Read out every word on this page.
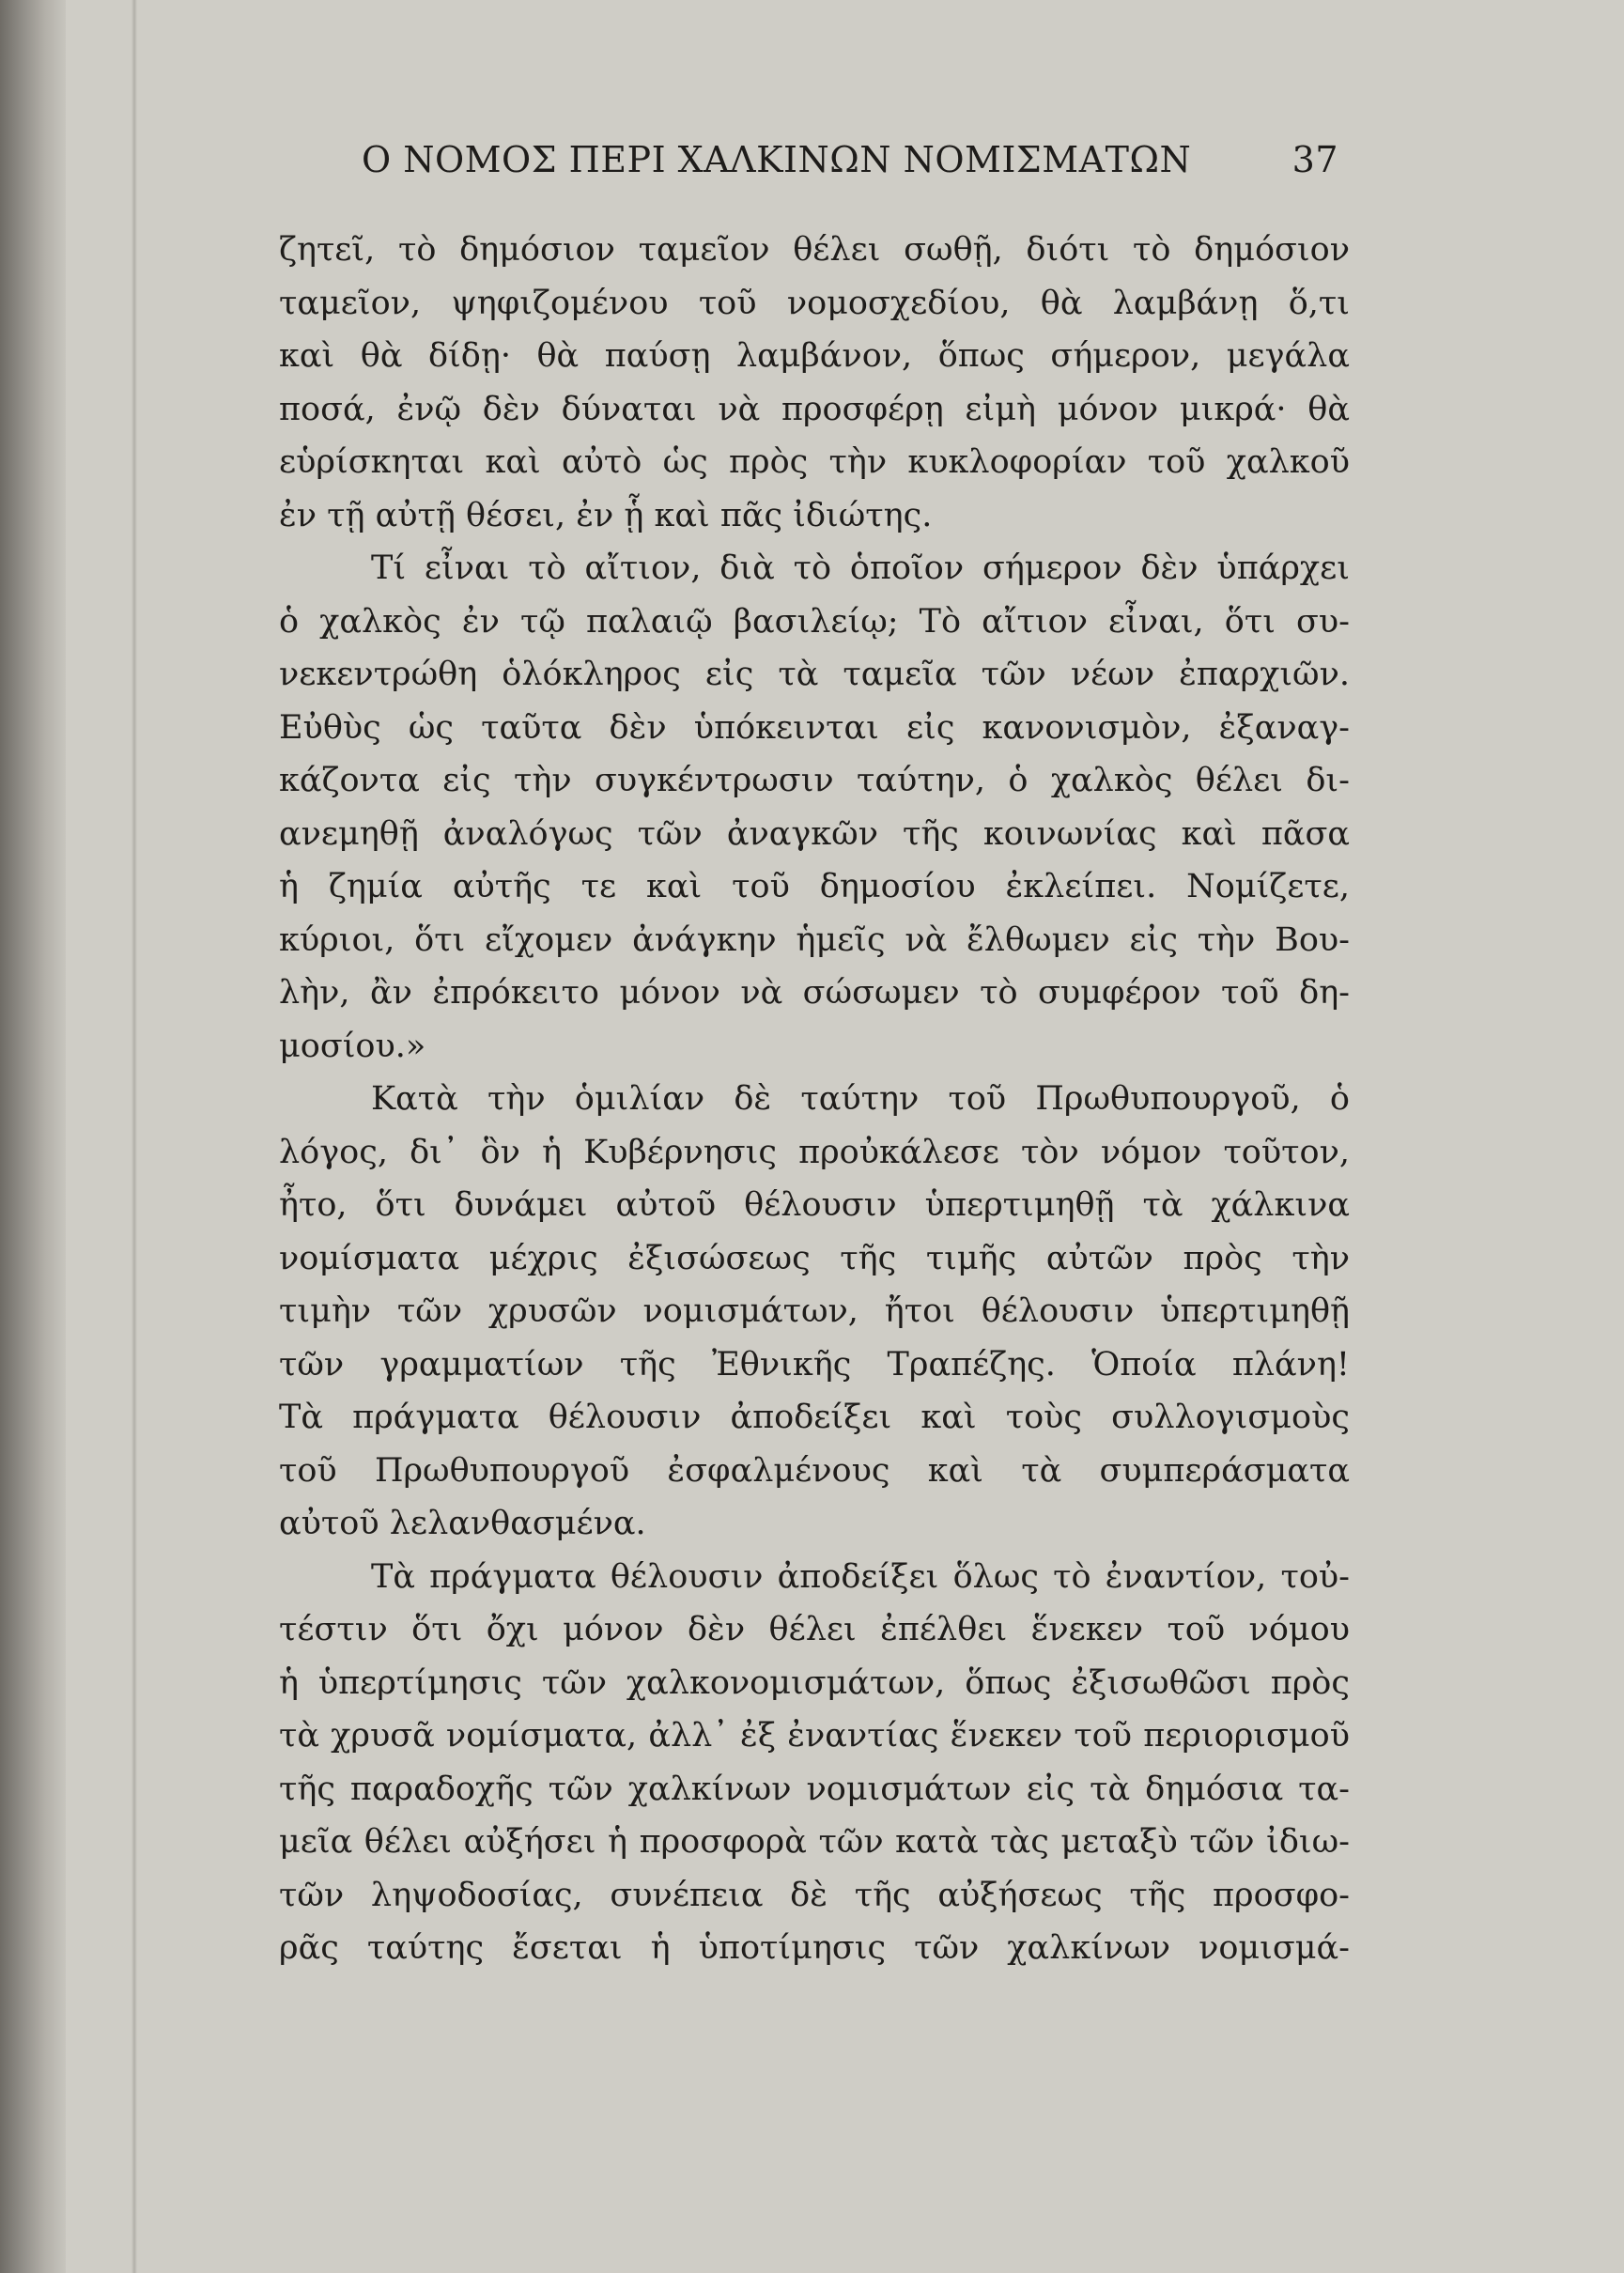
Ο ΝΟΜΟΣ ΠΕΡΙ ΧΑΛΚΙΝΩΝ ΝΟΜΙΣΜΑΤΩΝ	37
ζητεῖ, τὸ δημόσιον ταμεῖον θέλει σωθῇ, διότι τὸ δημόσιον
ταμεῖον, ψηφιζομένου τοῦ νομοσχεδίου, θὰ λαμβάνῃ ὅ,τι
καὶ θὰ δίδῃ· θὰ παύσῃ λαμβάνον, ὅπως σήμερον, μεγάλα
ποσά, ἐνῷ δὲν δύναται νὰ προσφέρῃ εἰμὴ μόνον μικρά· θὰ
εὑρίσκηται καὶ αὐτὸ ὡς πρὸς τὴν κυκλοφορίαν τοῦ χαλκοῦ
ἐν τῇ αὐτῇ θέσει, ἐν ᾗ καὶ πᾶς ἰδιώτης.
Τί εἶναι τὸ αἴτιον, διὰ τὸ ὁποῖον σήμερον δὲν ὑπάρχει
ὁ χαλκὸς ἐν τῷ παλαιῷ βασιλείῳ; Τὸ αἴτιον εἶναι, ὅτι συ-
νεκεντρώθη ὁλόκληρος εἰς τὰ ταμεῖα τῶν νέων ἐπαρχιῶν.
Εὐθὺς ὡς ταῦτα δὲν ὑπόκεινται εἰς κανονισμὸν, ἐξαναγ-
κάζοντα εἰς τὴν συγκέντρωσιν ταύτην, ὁ χαλκὸς θέλει δι-
ανεμηθῇ ἀναλόγως τῶν ἀναγκῶν τῆς κοινωνίας καὶ πᾶσα
ἡ ζημία αὐτῆς τε καὶ τοῦ δημοσίου ἐκλείπει. Νομίζετε,
κύριοι, ὅτι εἴχομεν ἀνάγκην ἡμεῖς νὰ ἔλθωμεν εἰς τὴν Βου-
λὴν, ἂν ἐπρόκειτο μόνον νὰ σώσωμεν τὸ συμφέρον τοῦ δη-
μοσίου.»
Κατὰ τὴν ὁμιλίαν δὲ ταύτην τοῦ Πρωθυπουργοῦ, ὁ
λόγος, δι᾽ ὃν ἡ Κυβέρνησις προὐκάλεσε τὸν νόμον τοῦτον,
ἦτο, ὅτι δυνάμει αὐτοῦ θέλουσιν ὑπερτιμηθῇ τὰ χάλκινα
νομίσματα μέχρις ἐξισώσεως τῆς τιμῆς αὐτῶν πρὸς τὴν
τιμὴν τῶν χρυσῶν νομισμάτων, ἤτοι θέλουσιν ὑπερτιμηθῇ
τῶν γραμματίων τῆς Ἐθνικῆς Τραπέζης. Ὁποία πλάνη!
Τὰ πράγματα θέλουσιν ἀποδείξει καὶ τοὺς συλλογισμοὺς
τοῦ Πρωθυπουργοῦ ἐσφαλμένους καὶ τὰ συμπεράσματα
αὐτοῦ λελανθασμένα.
Τὰ πράγματα θέλουσιν ἀποδείξει ὅλως τὸ ἐναντίον, τοὐ-
τέστιν ὅτι ὄχι μόνον δὲν θέλει ἐπέλθει ἕνεκεν τοῦ νόμου
ἡ ὑπερτίμησις τῶν χαλκονομισμάτων, ὅπως ἐξισωθῶσι πρὸς
τὰ χρυσᾶ νομίσματα, ἀλλ᾽ ἐξ ἐναντίας ἕνεκεν τοῦ περιορισμοῦ
τῆς παραδοχῆς τῶν χαλκίνων νομισμάτων εἰς τὰ δημόσια τα-
μεῖα θέλει αὐξήσει ἡ προσφορὰ τῶν κατὰ τὰς μεταξὺ τῶν ἰδιω-
τῶν ληψοδοσίας, συνέπεια δὲ τῆς αὐξήσεως τῆς προσφο-
ρᾶς ταύτης ἔσεται ἡ ὑποτίμησις τῶν χαλκίνων νομισμά-
